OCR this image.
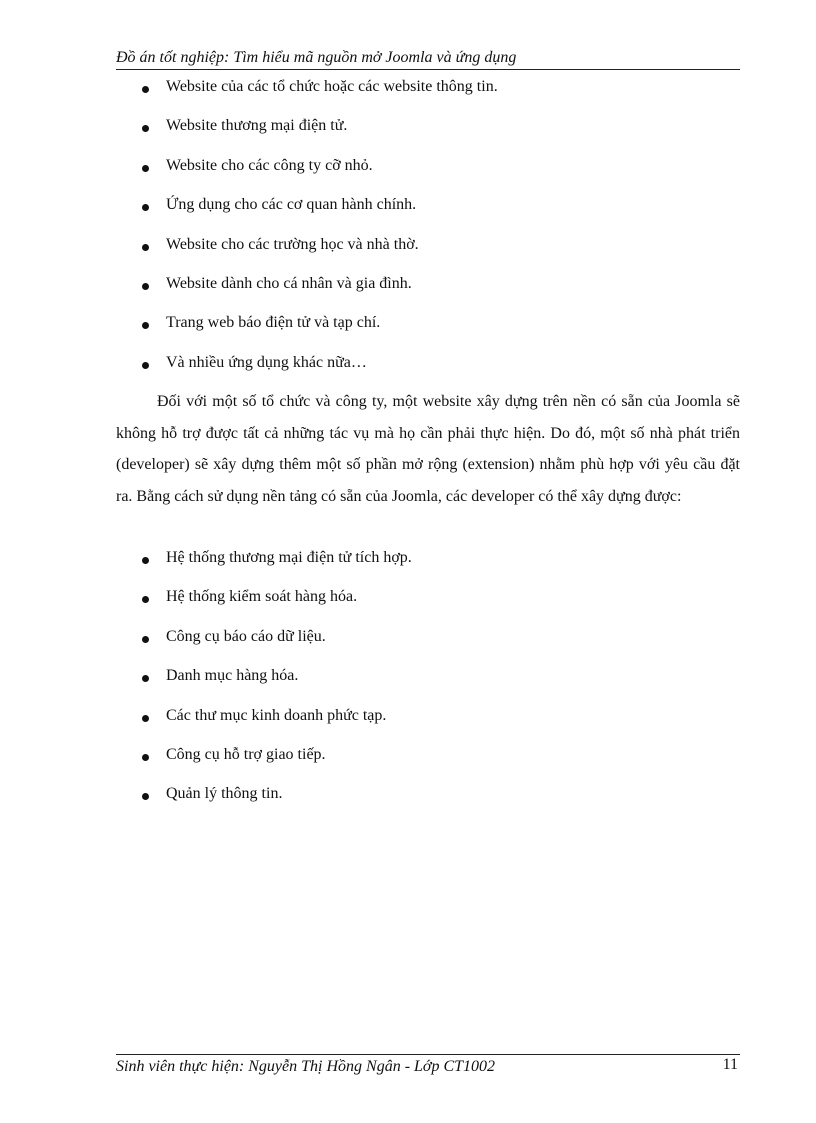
Đồ án tốt nghiệp: Tìm hiểu mã nguồn mở Joomla và ứng dụng
Website của các tổ chức hoặc các website thông tin.
Website thương mại điện tử.
Website cho các công ty cỡ nhỏ.
Ứng dụng cho các cơ quan hành chính.
Website cho các trường học và nhà thờ.
Website dành cho cá nhân và gia đình.
Trang web báo điện tử và tạp chí.
Và nhiều ứng dụng khác nữa…

Đối với một số tổ chức và công ty, một website xây dựng trên nền có sẵn của Joomla sẽ không hỗ trợ được tất cả những tác vụ mà họ cần phải thực hiện. Do đó, một số nhà phát triển (developer) sẽ xây dựng thêm một số phần mở rộng (extension) nhằm phù hợp với yêu cầu đặt ra. Bằng cách sử dụng nền tảng có sẵn của Joomla, các developer có thể xây dựng được:

Hệ thống thương mại điện tử tích hợp.
Hệ thống kiểm soát hàng hóa.
Công cụ báo cáo dữ liệu.
Danh mục hàng hóa.
Các thư mục kinh doanh phức tạp.
Công cụ hỗ trợ giao tiếp.
Quản lý thông tin.
Sinh viên thực hiện: Nguyễn Thị Hồng Ngân - Lớp CT1002	11
